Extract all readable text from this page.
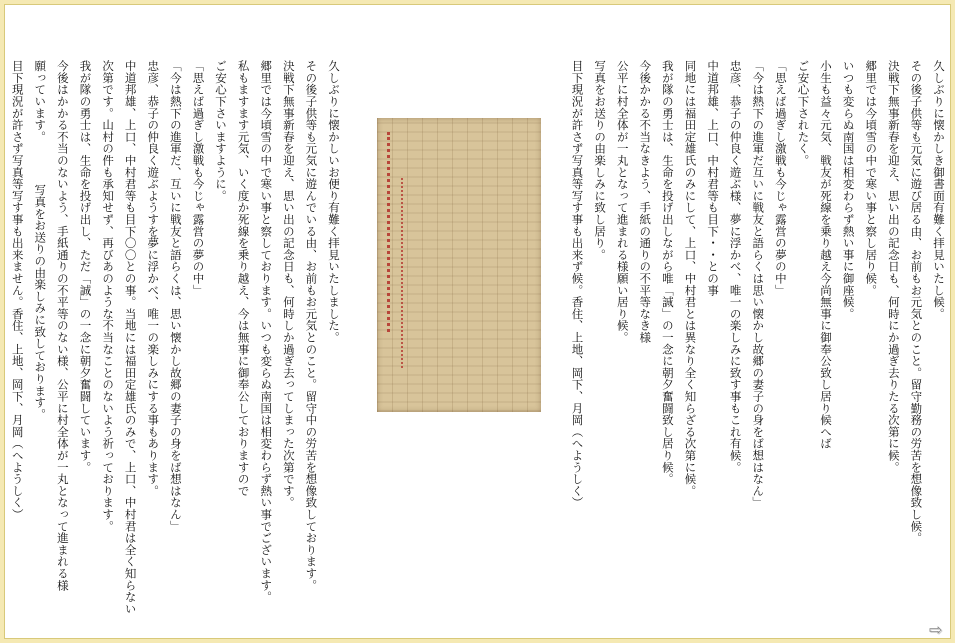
久しぶりに懐かしき御書面有難く拝見いたし候。
その後子供等も元気に遊び居る由、お前もお元気とのこと。留守勤務の労苦を想像致し候。
決戦下無事新春を迎え、思い出の記念日も、何時にか過ぎ去りたる次第に候。
郷里では今頃雪の中で寒い事と察し居り候。
いつも変らぬ南国は相変わらず熱い事に御座候。
小生も益々元気、戦友が死線を乗り越え今尚無事に御奉公致し居り候へば
ご安心下されたく。
「思えば過ぎし激戦も今じゃ露営の夢の中」
「今は熱下の進軍だ互いに戦友と語らくは思い懐かし故郷の妻子の身をば想はなん」
忠彦、恭子の仲良く遊ぶ様、夢に浮かべ、唯一の楽しみに致す事もこれ有候。
中道邦雄、上口、中村君等も目下・・との事
同地には福田定雄氏のみにして、上口、中村君とは異なり全く知らざる次第に候。
我が隊の勇士は、生命を投げ出しながら唯「誠」の一念に朝夕奮闘致し居り候。
今後かかる不当なきよう、手紙の通りの不平等なき様
公平に村全体が一丸となって進まれる様願い居り候。
写真をお送りの由楽しみに致し居り。
目下現況が許さず写真等写す事も出来ず候。香住、上地、岡下、月岡（へようしく）

久しぶりに懐かしいお便り有難く拝見いたしました。
その後子供等も元気に遊んでいる由、お前もお元気とのこと。留守中の労苦を想像致しております。
決戦下無事新春を迎え、思い出の記念日も、何時しか過ぎ去ってしまった次第です。
郷里では今頃雪の中で寒い事と察しております。いつも変らぬ南国は相変わらず熱い事でございます。
私もますます元気、いく度か死線を乗り越え、今は無事に御奉公しておりますので
ご安心下さいますように。
「思えば過ぎし激戦も今じゃ露営の夢の中」
「今は熱下の進軍だ、互いに戦友と語らくは、思い懐かし故郷の妻子の身をば想はなん」
忠彦、恭子の仲良く遊ぶようすを夢に浮かべ、唯一の楽しみにする事もあります。
中道邦雄、上口、中村君等も目下〇〇との事。当地には福田定雄氏のみで、上口、中村君は全く知らない
次第です。山村の件も承知せず、再びあのような不当なことのないよう祈っております。
我が隊の勇士は、生命を投げ出し、ただ「誠」の一念に朝夕奮闘しています。
今後はかかる不当のないよう、手紙通りの不平等のない様、公平に村全体が一丸となって進まれる様
願っています。　　　　写真をお送りの由楽しみに致しております。
目下現況が許さず写真等写す事も出来ません。香住、上地、岡下、月岡（へようしく）

⇨
